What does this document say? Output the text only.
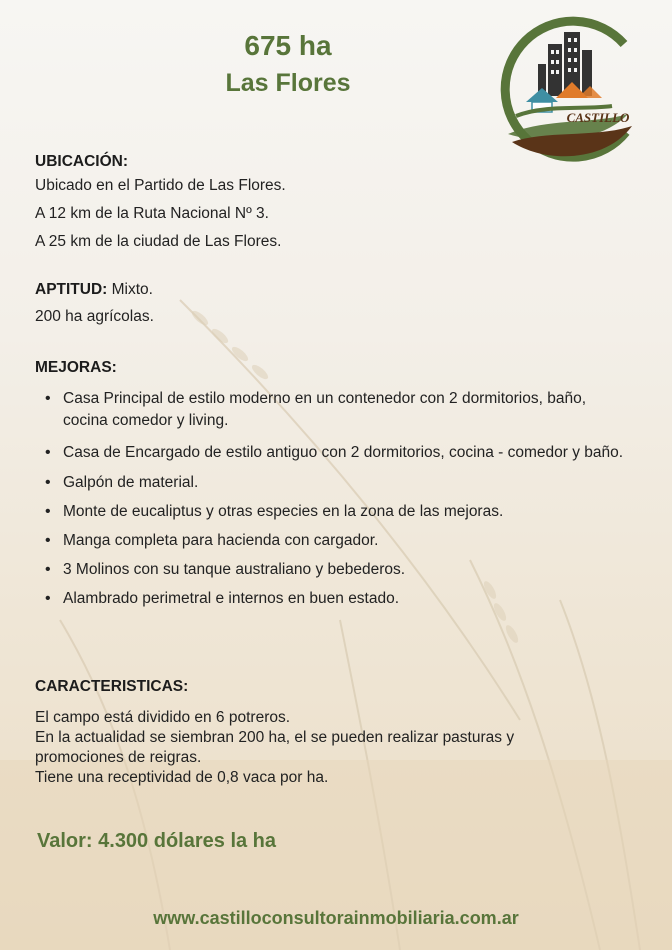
675 ha
Las Flores
CASTILLO

UBICACIÓN:

Ubicado en el Partido de Las Flores.

A 12 km de la Ruta Nacional Nº 3.

A 25 km de la ciudad de Las Flores.

APTITUD: Mixto.

200 ha agrícolas.

MEJORAS:

• Casa Principal de estilo moderno en un contenedor con 2 dormitorios, baño, cocina comedor y living.
• Casa de Encargado de estilo antiguo con 2 dormitorios, cocina - comedor y baño.
• Galpón de material.
• Monte de eucaliptus y otras especies en la zona de las mejoras.
• Manga completa para hacienda con cargador.
• 3 Molinos con su tanque australiano y bebederos.
• Alambrado perimetral e internos en buen estado.

CARACTERISTICAS:

El campo está dividido en 6 potreros.

En la actualidad se siembran 200 ha, el se pueden realizar pasturas y promociones de reigras.

Tiene una receptividad de 0,8 vaca por ha.

Valor: 4.300 dólares la ha
www.castilloconsultorainmobiliaria.com.ar
